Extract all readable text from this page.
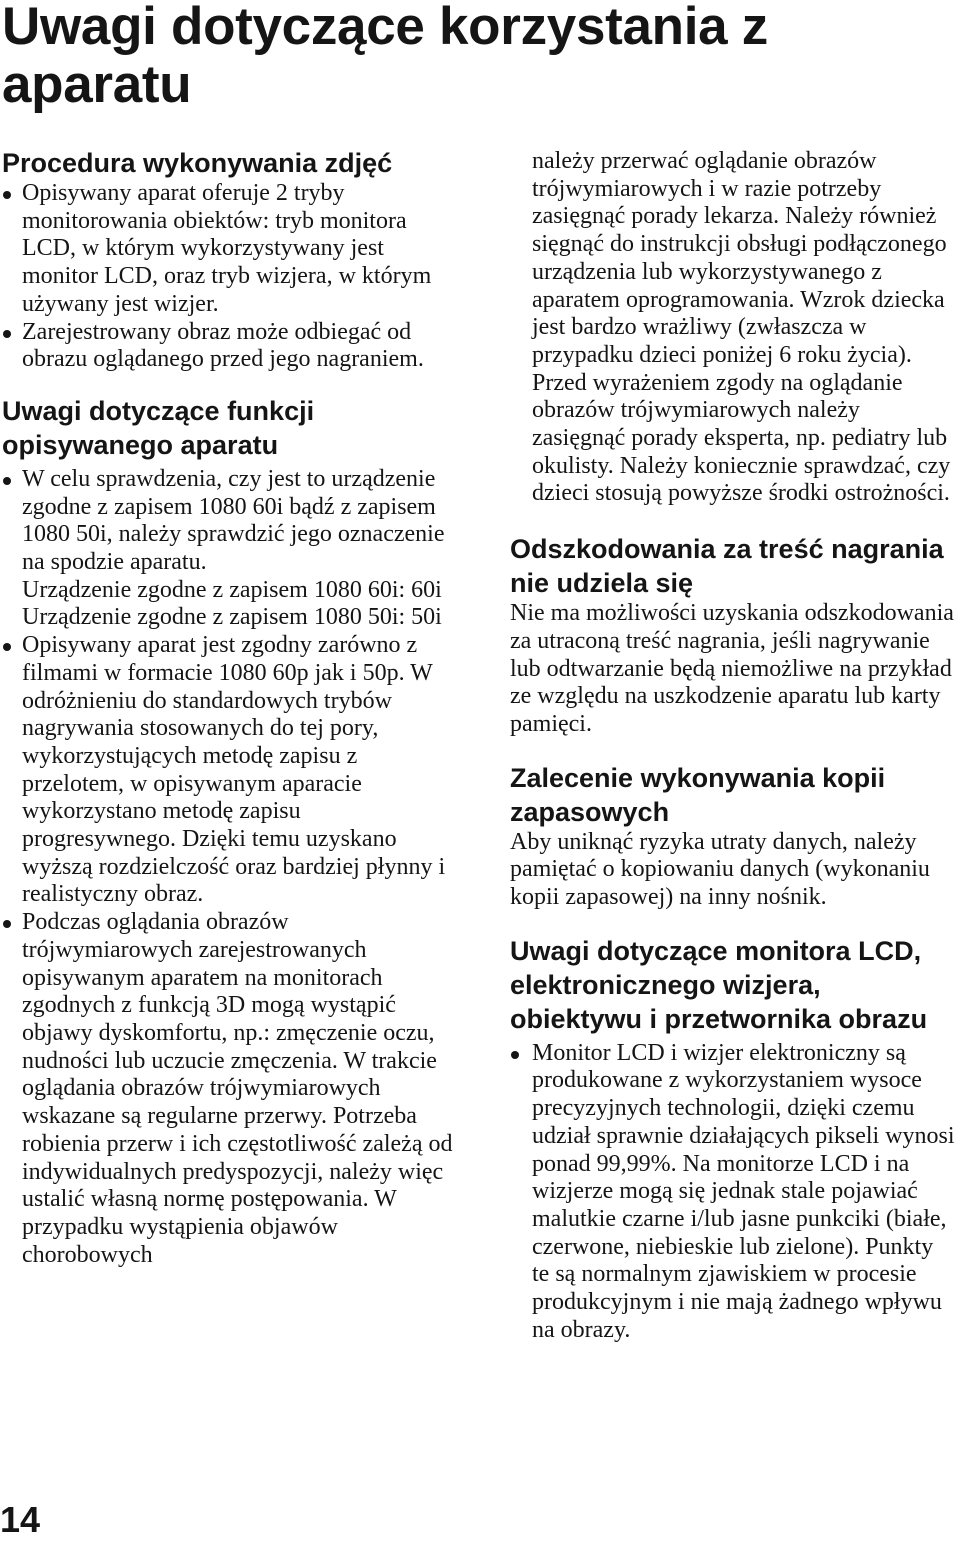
Uwagi dotyczące korzystania z aparatu
Procedura wykonywania zdjęć
Opisywany aparat oferuje 2 tryby monitorowania obiektów: tryb monitora LCD, w którym wykorzystywany jest monitor LCD, oraz tryb wizjera, w którym używany jest wizjer.
Zarejestrowany obraz może odbiegać od obrazu oglądanego przed jego nagraniem.
Uwagi dotyczące funkcji opisywanego aparatu
W celu sprawdzenia, czy jest to urządzenie zgodne z zapisem 1080 60i bądź z zapisem 1080 50i, należy sprawdzić jego oznaczenie na spodzie aparatu.
Urządzenie zgodne z zapisem 1080 60i: 60i
Urządzenie zgodne z zapisem 1080 50i: 50i
Opisywany aparat jest zgodny zarówno z filmami w formacie 1080 60p jak i 50p. W odróżnieniu do standardowych trybów nagrywania stosowanych do tej pory, wykorzystujących metodę zapisu z przelotem, w opisywanym aparacie wykorzystano metodę zapisu progresywnego. Dzięki temu uzyskano wyższą rozdzielczość oraz bardziej płynny i realistyczny obraz.
Podczas oglądania obrazów trójwymiarowych zarejestrowanych opisywanym aparatem na monitorach zgodnych z funkcją 3D mogą wystąpić objawy dyskomfortu, np.: zmęczenie oczu, nudności lub uczucie zmęczenia. W trakcie oglądania obrazów trójwymiarowych wskazane są regularne przerwy. Potrzeba robienia przerw i ich częstotliwość zależą od indywidualnych predyspozycji, należy więc ustalić własną normę postępowania. W przypadku wystąpienia objawów chorobowych

należy przerwać oglądanie obrazów trójwymiarowych i w razie potrzeby zasięgnąć porady lekarza. Należy również sięgnąć do instrukcji obsługi podłączonego urządzenia lub wykorzystywanego z aparatem oprogramowania. Wzrok dziecka jest bardzo wrażliwy (zwłaszcza w przypadku dzieci poniżej 6 roku życia). Przed wyrażeniem zgody na oglądanie obrazów trójwymiarowych należy zasięgnąć porady eksperta, np. pediatry lub okulisty. Należy koniecznie sprawdzać, czy dzieci stosują powyższe środki ostrożności.

Odszkodowania za treść nagrania nie udziela się

Nie ma możliwości uzyskania odszkodowania za utraconą treść nagrania, jeśli nagrywanie lub odtwarzanie będą niemożliwe na przykład ze względu na uszkodzenie aparatu lub karty pamięci.

Zalecenie wykonywania kopii zapasowych

Aby uniknąć ryzyka utraty danych, należy pamiętać o kopiowaniu danych (wykonaniu kopii zapasowej) na inny nośnik.

Uwagi dotyczące monitora LCD, elektronicznego wizjera, obiektywu i przetwornika obrazu
Monitor LCD i wizjer elektroniczny są produkowane z wykorzystaniem wysoce precyzyjnych technologii, dzięki czemu udział sprawnie działających pikseli wynosi ponad 99,99%. Na monitorze LCD i na wizjerze mogą się jednak stale pojawiać malutkie czarne i/lub jasne punkciki (białe, czerwone, niebieskie lub zielone). Punkty te są normalnym zjawiskiem w procesie produkcyjnym i nie mają żadnego wpływu na obrazy.
14
